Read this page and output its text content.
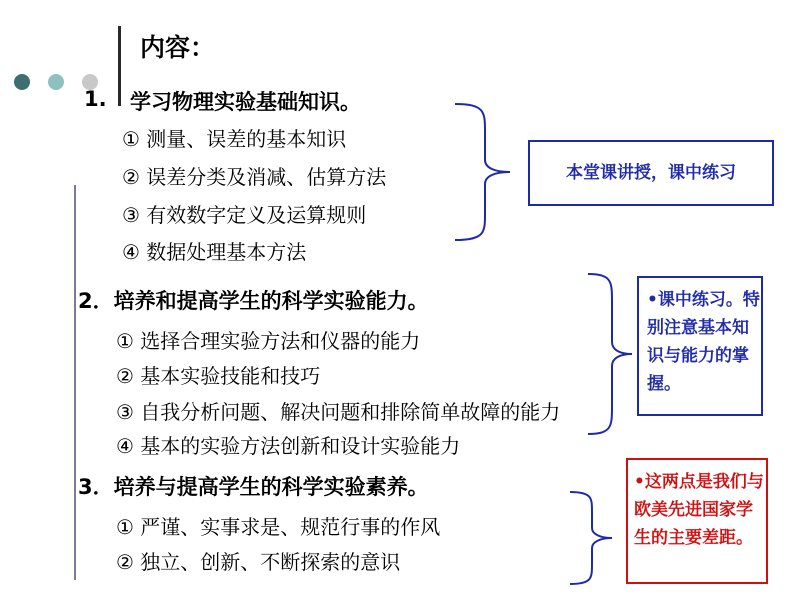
内容：
1. 学习物理实验基础知识。
① 测量、误差的基本知识
② 误差分类及消减、估算方法
③ 有效数字定义及运算规则
④ 数据处理基本方法
本堂课讲授，课中练习
2．培养和提高学生的科学实验能力。
① 选择合理实验方法和仪器的能力
② 基本实验技能和技巧
③ 自我分析问题、解决问题和排除简单故障的能力
④ 基本的实验方法创新和设计实验能力
•课中练习。特别注意基本知识与能力的掌握。
3．培养与提高学生的科学实验素养。
① 严谨、实事求是、规范行事的作风
② 独立、创新、不断探索的意识
•这两点是我们与欧美先进国家学生的主要差距。
